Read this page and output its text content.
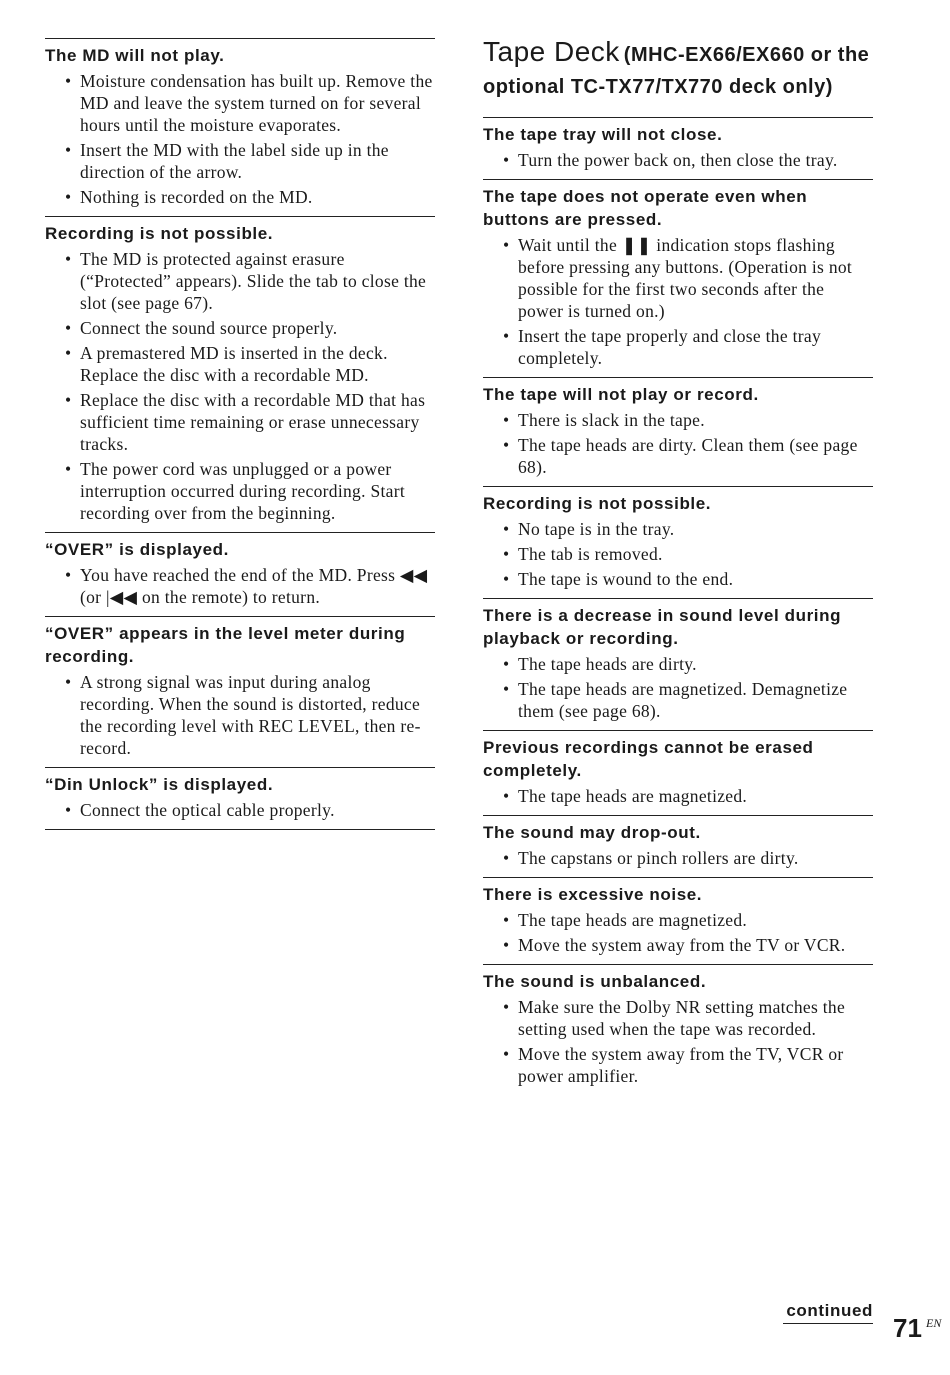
The MD will not play.
• Moisture condensation has built up. Remove the MD and leave the system turned on for several hours until the moisture evaporates.
• Insert the MD with the label side up in the direction of the arrow.
• Nothing is recorded on the MD.
Recording is not possible.
• The MD is protected against erasure (“Protected” appears). Slide the tab to close the slot (see page 67).
• Connect the sound source properly.
• A premastered MD is inserted in the deck. Replace the disc with a recordable MD.
• Replace the disc with a recordable MD that has sufficient time remaining or erase unnecessary tracks.
• The power cord was unplugged or a power interruption occurred during recording. Start recording over from the beginning.
“OVER” is displayed.
• You have reached the end of the MD. Press ◀◀ (or |◀◀ on the remote) to return.
“OVER” appears in the level meter during recording.
• A strong signal was input during analog recording. When the sound is distorted, reduce the recording level with REC LEVEL, then re-record.
“Din Unlock” is displayed.
• Connect the optical cable properly.
Tape Deck (MHC-EX66/EX660 or the optional TC-TX77/TX770 deck only)
The tape tray will not close.
• Turn the power back on, then close the tray.
The tape does not operate even when buttons are pressed.
• Wait until the ❚❚ indication stops flashing before pressing any buttons. (Operation is not possible for the first two seconds after the power is turned on.)
• Insert the tape properly and close the tray completely.
The tape will not play or record.
• There is slack in the tape.
• The tape heads are dirty. Clean them (see page 68).
Recording is not possible.
• No tape is in the tray.
• The tab is removed.
• The tape is wound to the end.
There is a decrease in sound level during playback or recording.
• The tape heads are dirty.
• The tape heads are magnetized. Demagnetize them (see page 68).
Previous recordings cannot be erased completely.
• The tape heads are magnetized.
The sound may drop-out.
• The capstans or pinch rollers are dirty.
There is excessive noise.
• The tape heads are magnetized.
• Move the system away from the TV or VCR.
The sound is unbalanced.
• Make sure the Dolby NR setting matches the setting used when the tape was recorded.
• Move the system away from the TV, VCR or power amplifier.
continued
71 EN
